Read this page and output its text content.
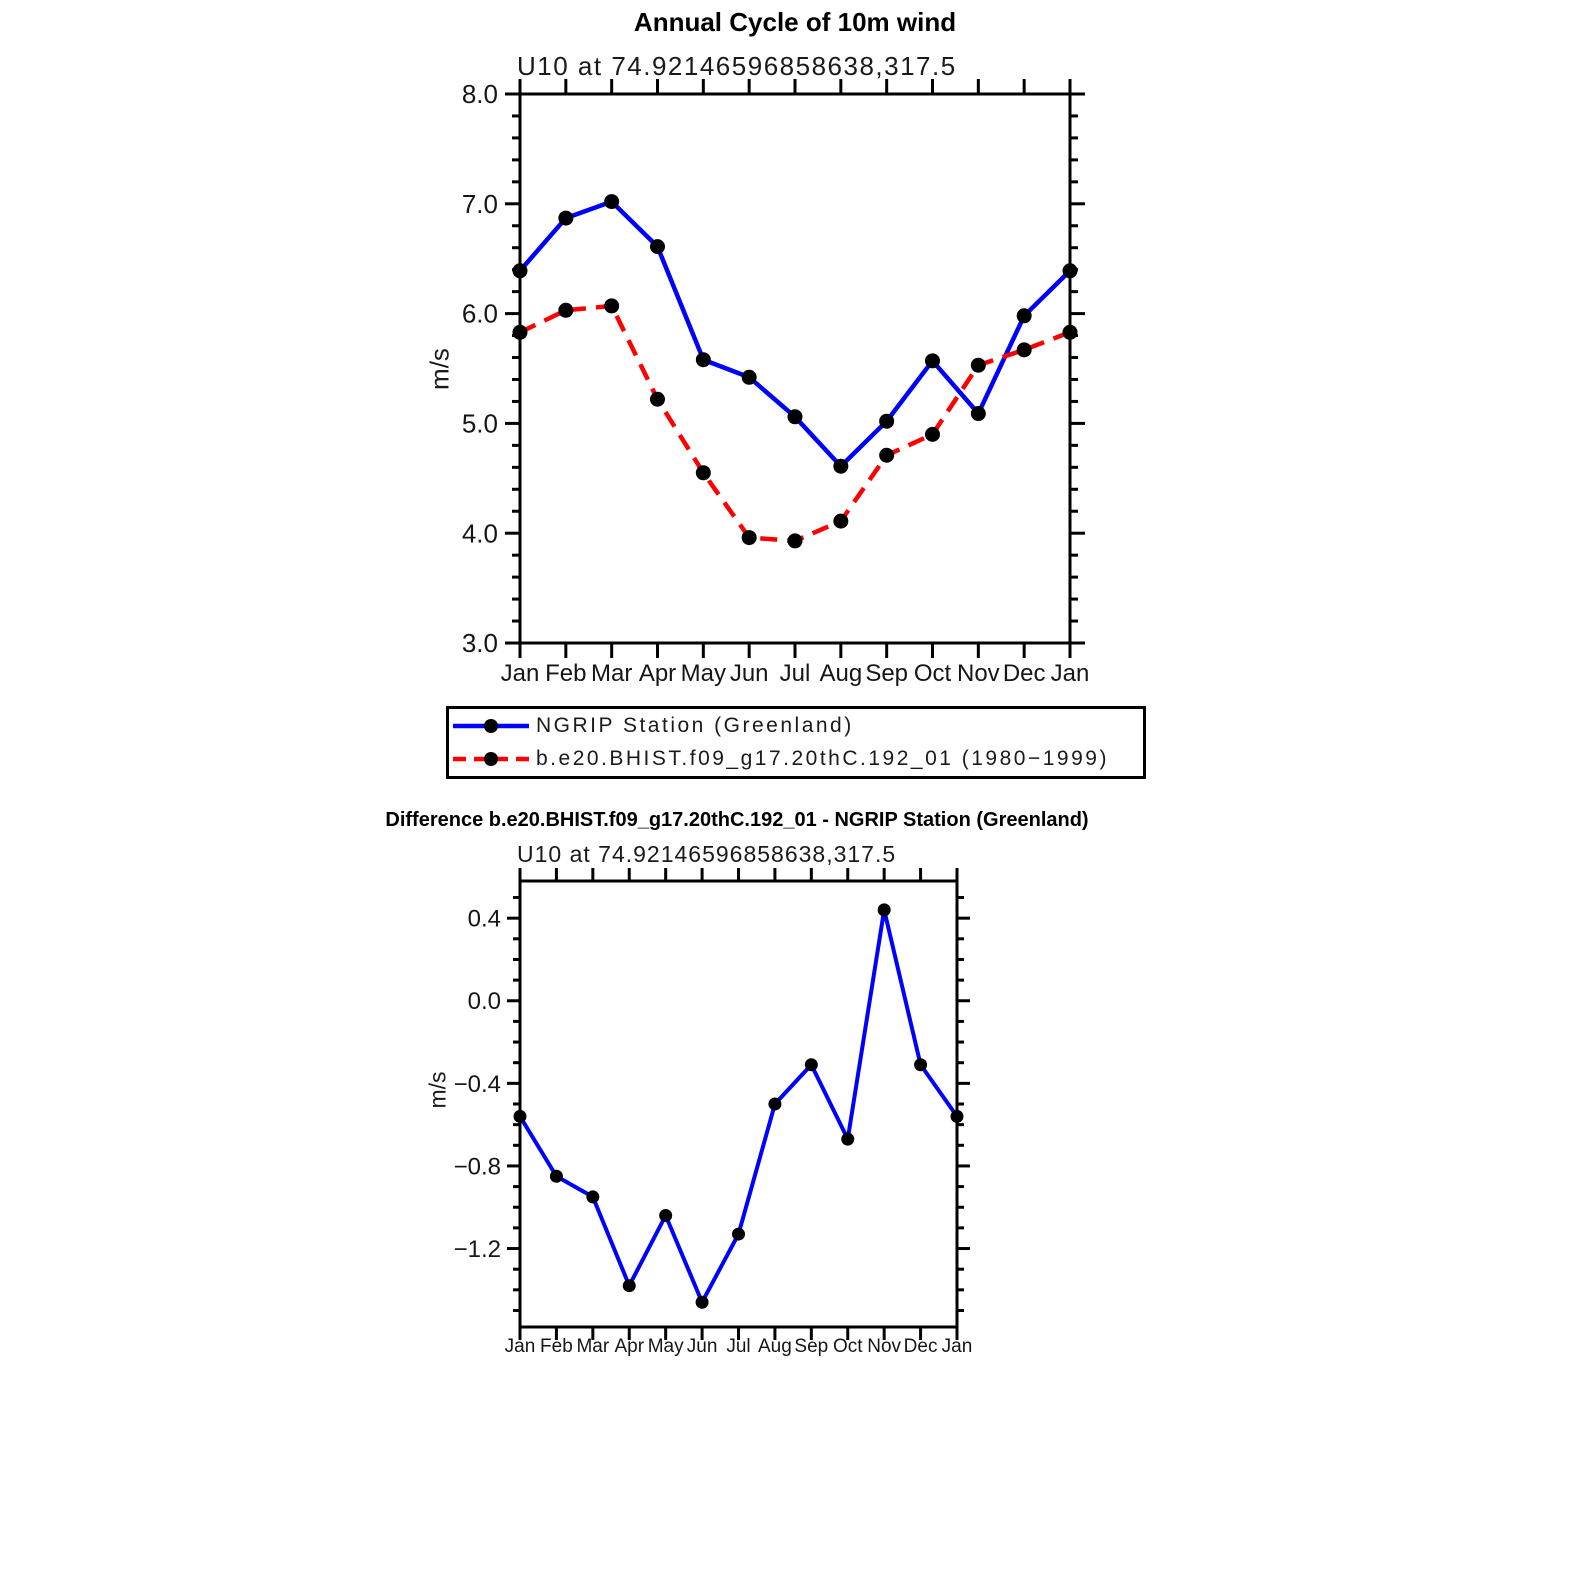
Jan Feb Mar Apr May Jun Jul Aug Sep Oct Nov Dec Jan
3.0
4.0
5.0
6.0
7.0
8.0
Jan Feb Mar Apr May Jun Jul Aug Sep Oct Nov Dec Jan
0.4
0.0
−0.4
−0.8
−1.2
Annual Cycle of 10m wind
U10 at 74.92146596858638,317.5
m/s
NGRIP Station (Greenland)
b.e20.BHIST.f09_g17.20thC.192_01 (1980−1999)
Difference b.e20.BHIST.f09_g17.20thC.192_01 - NGRIP Station (Greenland)
U10 at 74.92146596858638,317.5
m/s
